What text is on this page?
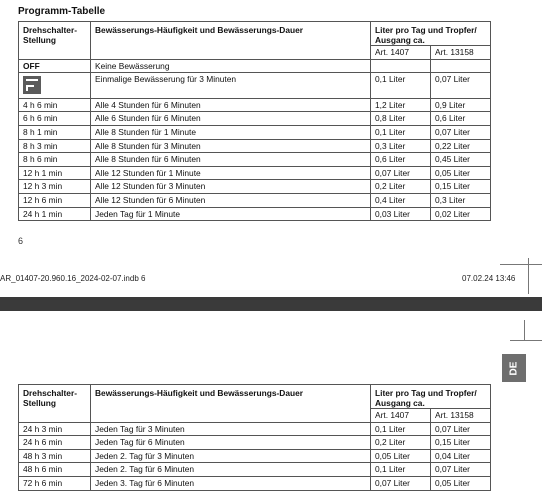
Programm-Tabelle
Drehschalter-Stellung	Bewässerungs-Häufigkeit und Bewässerungs-Dauer	Liter pro Tag und Tropfer/ Ausgang ca.	
		Art. 1407	Art. 13158
OFF	Keine Bewässerung		
	Einmalige Bewässerung für 3 Minuten	0,1 Liter	0,07 Liter
4 h 6 min	Alle 4 Stunden für 6 Minuten	1,2 Liter	0,9 Liter
6 h 6 min	Alle 6 Stunden für 6 Minuten	0,8 Liter	0,6 Liter
8 h 1 min	Alle 8 Stunden für 1 Minute	0,1 Liter	0,07 Liter
8 h 3 min	Alle 8 Stunden für 3 Minuten	0,3 Liter	0,22 Liter
8 h 6 min	Alle 8 Stunden für 6 Minuten	0,6 Liter	0,45 Liter
12 h 1 min	Alle 12 Stunden für 1 Minute	0,07 Liter	0,05 Liter
12 h 3 min	Alle 12 Stunden für 3 Minuten	0,2 Liter	0,15 Liter
12 h 6 min	Alle 12 Stunden für 6 Minuten	0,4 Liter	0,3 Liter
24 h 1 min	Jeden Tag für 1 Minute	0,03 Liter	0,02 Liter
6
AR_01407-20.960.16_2024-02-07.indb 6	07.02.24 13:46
DE
Drehschalter-Stellung	Bewässerungs-Häufigkeit und Bewässerungs-Dauer	Liter pro Tag und Tropfer/ Ausgang ca.	
		Art. 1407	Art. 13158
24 h 3 min	Jeden Tag für 3 Minuten	0,1 Liter	0,07 Liter
24 h 6 min	Jeden Tag für 6 Minuten	0,2 Liter	0,15 Liter
48 h 3 min	Jeden 2. Tag für 3 Minuten	0,05 Liter	0,04 Liter
48 h 6 min	Jeden 2. Tag für 6 Minuten	0,1 Liter	0,07 Liter
72 h 6 min	Jeden 3. Tag für 6 Minuten	0,07 Liter	0,05 Liter
